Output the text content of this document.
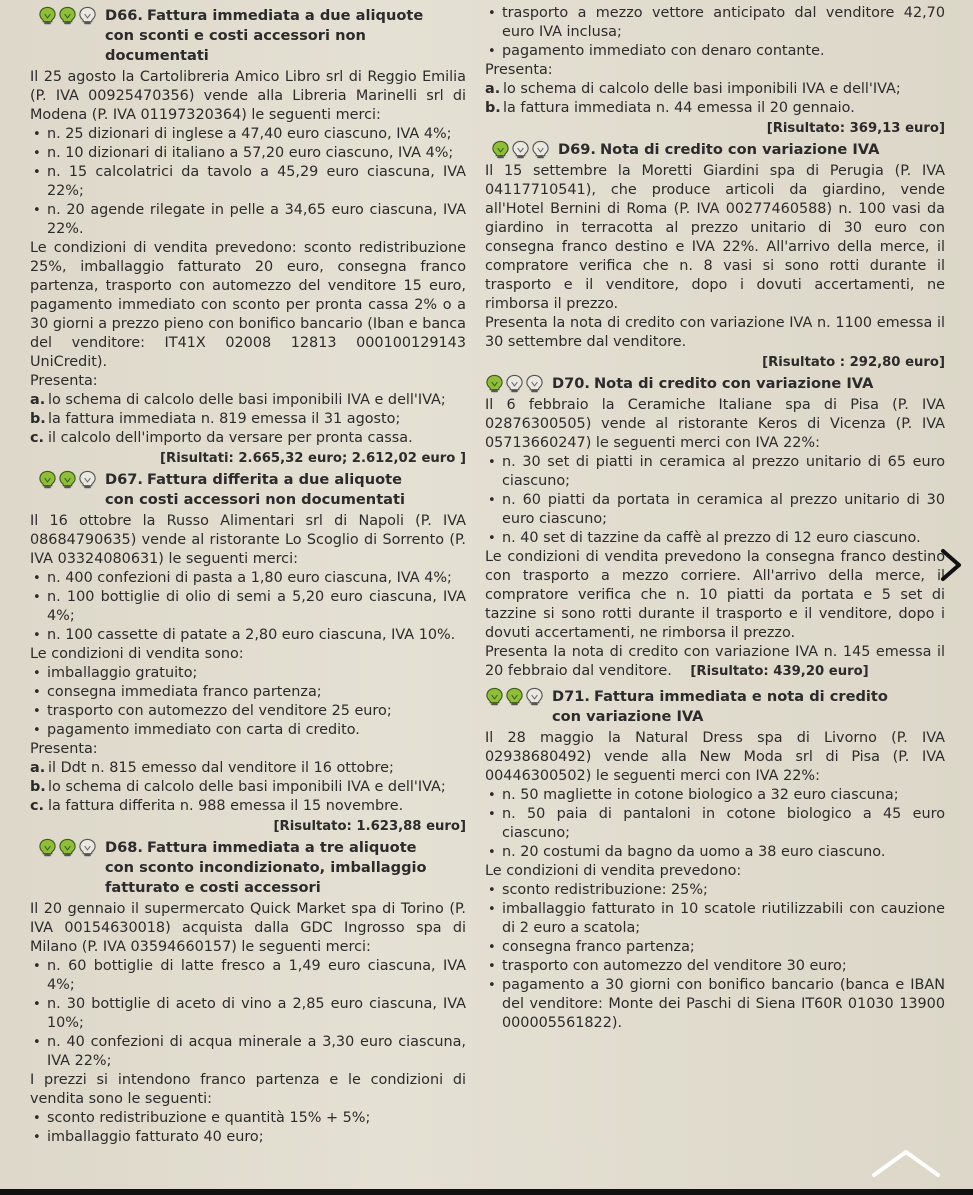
D66. Fattura immediata a due aliquote
con sconti e costi accessori non documentati

Il 25 agosto la Cartolibreria Amico Libro srl di Reggio Emilia (P. IVA 00925470356) vende alla Libreria Marinelli srl di Modena (P. IVA 01197320364) le seguenti merci:

• n. 25 dizionari di inglese a 47,40 euro ciascuno, IVA 4%;
• n. 10 dizionari di italiano a 57,20 euro ciascuno, IVA 4%;
• n. 15 calcolatrici da tavolo a 45,29 euro ciascuna, IVA 22%;
• n. 20 agende rilegate in pelle a 34,65 euro ciascuna, IVA 22%.

Le condizioni di vendita prevedono: sconto redistribuzione 25%, imballaggio fatturato 20 euro, consegna franco partenza, trasporto con automezzo del venditore 15 euro, pagamento immediato con sconto per pronta cassa 2% o a 30 giorni a prezzo pieno con bonifico bancario (Iban e banca del venditore: IT41X 02008 12813 000100129143 UniCredit).

Presenta:

a. lo schema di calcolo delle basi imponibili IVA e dell'IVA;
b. la fattura immediata n. 819 emessa il 31 agosto;
c. il calcolo dell'importo da versare per pronta cassa.
[Risultati: 2.665,32 euro; 2.612,02 euro ]
D67. Fattura differita a due aliquote
con costi accessori non documentati

Il 16 ottobre la Russo Alimentari srl di Napoli (P. IVA 08684790635) vende al ristorante Lo Scoglio di Sorrento (P. IVA 03324080631) le seguenti merci:

• n. 400 confezioni di pasta a 1,80 euro ciascuna, IVA 4%;
• n. 100 bottiglie di olio di semi a 5,20 euro ciascuna, IVA 4%;
• n. 100 cassette di patate a 2,80 euro ciascuna, IVA 10%.

Le condizioni di vendita sono:

• imballaggio gratuito;
• consegna immediata franco partenza;
• trasporto con automezzo del venditore 25 euro;
• pagamento immediato con carta di credito.

Presenta:

a. il Ddt n. 815 emesso dal venditore il 16 ottobre;
b. lo schema di calcolo delle basi imponibili IVA e dell'IVA;
c. la fattura differita n. 988 emessa il 15 novembre.
[Risultato: 1.623,88 euro]
D68. Fattura immediata a tre aliquote
con sconto incondizionato, imballaggio
fatturato e costi accessori

Il 20 gennaio il supermercato Quick Market spa di Torino (P. IVA 00154630018) acquista dalla GDC Ingrosso spa di Milano (P. IVA 03594660157) le seguenti merci:

• n. 60 bottiglie di latte fresco a 1,49 euro ciascuna, IVA 4%;
• n. 30 bottiglie di aceto di vino a 2,85 euro ciascuna, IVA 10%;
• n. 40 confezioni di acqua minerale a 3,30 euro ciascuna, IVA 22%;

I prezzi si intendono franco partenza e le condizioni di vendita sono le seguenti:

• sconto redistribuzione e quantità 15% + 5%;
• imballaggio fatturato 40 euro;
• trasporto a mezzo vettore anticipato dal venditore 42,70 euro IVA inclusa;
• pagamento immediato con denaro contante.

Presenta:

a. lo schema di calcolo delle basi imponibili IVA e dell'IVA;
b. la fattura immediata n. 44 emessa il 20 gennaio.
[Risultato: 369,13 euro]
D69. Nota di credito con variazione IVA

Il 15 settembre la Moretti Giardini spa di Perugia (P. IVA 04117710541), che produce articoli da giardino, vende all'Hotel Bernini di Roma (P. IVA 00277460588) n. 100 vasi da giardino in terracotta al prezzo unitario di 30 euro con consegna franco destino e IVA 22%. All'arrivo della merce, il compratore verifica che n. 8 vasi si sono rotti durante il trasporto e il venditore, dopo i dovuti accertamenti, ne rimborsa il prezzo.

Presenta la nota di credito con variazione IVA n. 1100 emessa il 30 settembre dal venditore.

[Risultato : 292,80 euro]
D70. Nota di credito con variazione IVA

Il 6 febbraio la Ceramiche Italiane spa di Pisa (P. IVA 02876300505) vende al ristorante Keros di Vicenza (P. IVA 05713660247) le seguenti merci con IVA 22%:

• n. 30 set di piatti in ceramica al prezzo unitario di 65 euro ciascuno;
• n. 60 piatti da portata in ceramica al prezzo unitario di 30 euro ciascuno;
• n. 40 set di tazzine da caffè al prezzo di 12 euro ciascuno.

Le condizioni di vendita prevedono la consegna franco destino con trasporto a mezzo corriere. All'arrivo della merce, il compratore verifica che n. 10 piatti da portata e 5 set di tazzine si sono rotti durante il trasporto e il venditore, dopo i dovuti accertamenti, ne rimborsa il prezzo.

Presenta la nota di credito con variazione IVA n. 145 emessa il 20 febbraio dal venditore. [Risultato: 439,20 euro]

D71. Fattura immediata e nota di credito
con variazione IVA

Il 28 maggio la Natural Dress spa di Livorno (P. IVA 02938680492) vende alla New Moda srl di Pisa (P. IVA 00446300502) le seguenti merci con IVA 22%:

• n. 50 magliette in cotone biologico a 32 euro ciascuna;
• n. 50 paia di pantaloni in cotone biologico a 45 euro ciascuno;
• n. 20 costumi da bagno da uomo a 38 euro ciascuno.

Le condizioni di vendita prevedono:

• sconto redistribuzione: 25%;
• imballaggio fatturato in 10 scatole riutilizzabili con cauzione di 2 euro a scatola;
• consegna franco partenza;
• trasporto con automezzo del venditore 30 euro;
• pagamento a 30 giorni con bonifico bancario (banca e IBAN del venditore: Monte dei Paschi di Siena IT60R 01030 13900 000005561822).
